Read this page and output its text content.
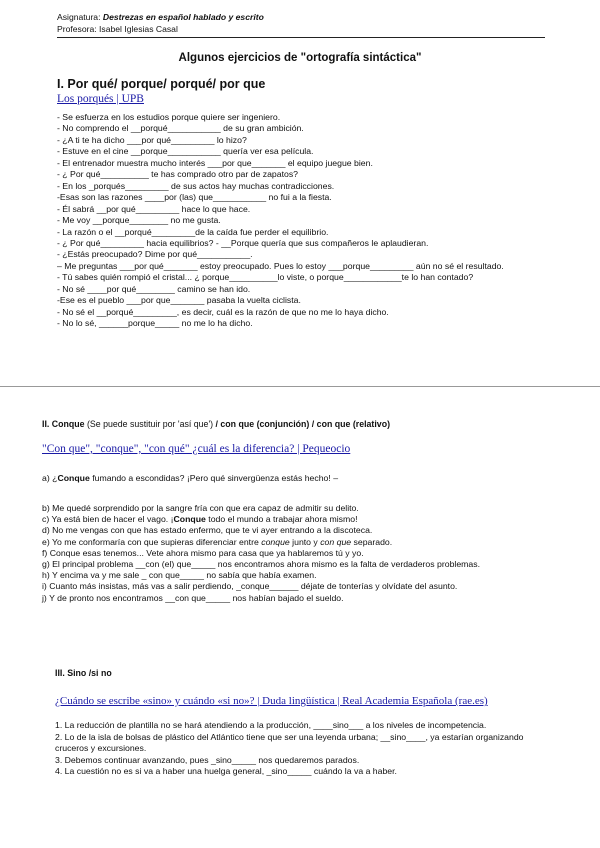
Asignatura: Destrezas en español hablado y escrito
Profesora: Isabel Iglesias Casal
Algunos ejercicios de "ortografía sintáctica"
I. Por qué/ porque/ porqué/ por que
Los porqués | UPB
- Se esfuerza en los estudios porque quiere ser ingeniero.
- No comprendo el __porqué___________ de su gran ambición.
- ¿A ti te ha dicho ___por qué_________ lo hizo?
- Estuve en el cine __porque___________ quería ver esa película.
- El entrenador muestra mucho interés ___por que_______ el equipo juegue bien.
- ¿ Por qué__________ te has comprado otro par de zapatos?
- En los _porqués_________ de sus actos hay muchas contradicciones.
-Esas son las razones ____por (las) que___________ no fui a la fiesta.
- Él sabrá __por qué_________ hace lo que hace.
- Me voy __porque________ no me gusta.
- La razón o el __porqué_________de la caída fue perder el equilibrio.
- ¿ Por qué_________ hacia equilibrios? - __Porque quería que sus compañeros le aplaudieran.
- ¿Estás preocupado? Dime por qué___________.
– Me preguntas ___por qué_______ estoy preocupado. Pues lo estoy ___porque_________ aún no sé el resultado.
- Tú sabes quién rompió el cristal... ¿ porque__________lo viste, o porque____________te lo han contado?
- No sé ____por qué________ camino se han ido.
-Ese es el pueblo ___por que_______ pasaba la vuelta ciclista.
- No sé el __porqué_________, es decir, cuál es la razón de que no me lo haya dicho.
- No lo sé, ______porque_____ no me lo ha dicho.
II. Conque (Se puede sustituir por 'así que') / con que (conjunción) / con que (relativo)
"Con que", "conque", "con qué" ¿cuál es la diferencia? | Pequeocio
a) ¿Conque fumando a escondidas? ¡Pero qué sinvergüenza estás hecho! –
b) Me quedé sorprendido por la sangre fría con que era capaz de admitir su delito.
c) Ya está bien de hacer el vago. ¡Conque todo el mundo a trabajar ahora mismo!
d) No me vengas con que has estado enfermo, que te vi ayer entrando a la discoteca.
e) Yo me conformaría con que supieras diferenciar entre conque junto y con que separado.
f) Conque esas tenemos... Vete ahora mismo para casa que ya hablaremos tú y yo.
g) El principal problema __con (el) que_____ nos encontramos ahora mismo es la falta de verdaderos problemas.
h) Y encima va y me sale _ con que_____ no sabía que había examen.
i) Cuanto más insistas, más vas a salir perdiendo, _conque______ déjate de tonterías y olvídate del asunto.
j) Y de pronto nos encontramos __con que_____ nos habían bajado el sueldo.
III. Sino /si no
¿Cuándo se escribe «sino» y cuándo «si no»? | Duda lingüística | Real Academia Española (rae.es)
1. La reducción de plantilla no se hará atendiendo a la producción, ____sino___ a los niveles de incompetencia.
2. Lo de la isla de bolsas de plástico del Atlántico tiene que ser una leyenda urbana; __sino____, ya estarían organizando cruceros y excursiones.
3. Debemos continuar avanzando, pues _sino_____ nos quedaremos parados.
4. La cuestión no es si va a haber una huelga general, _sino_____ cuándo la va a haber.
